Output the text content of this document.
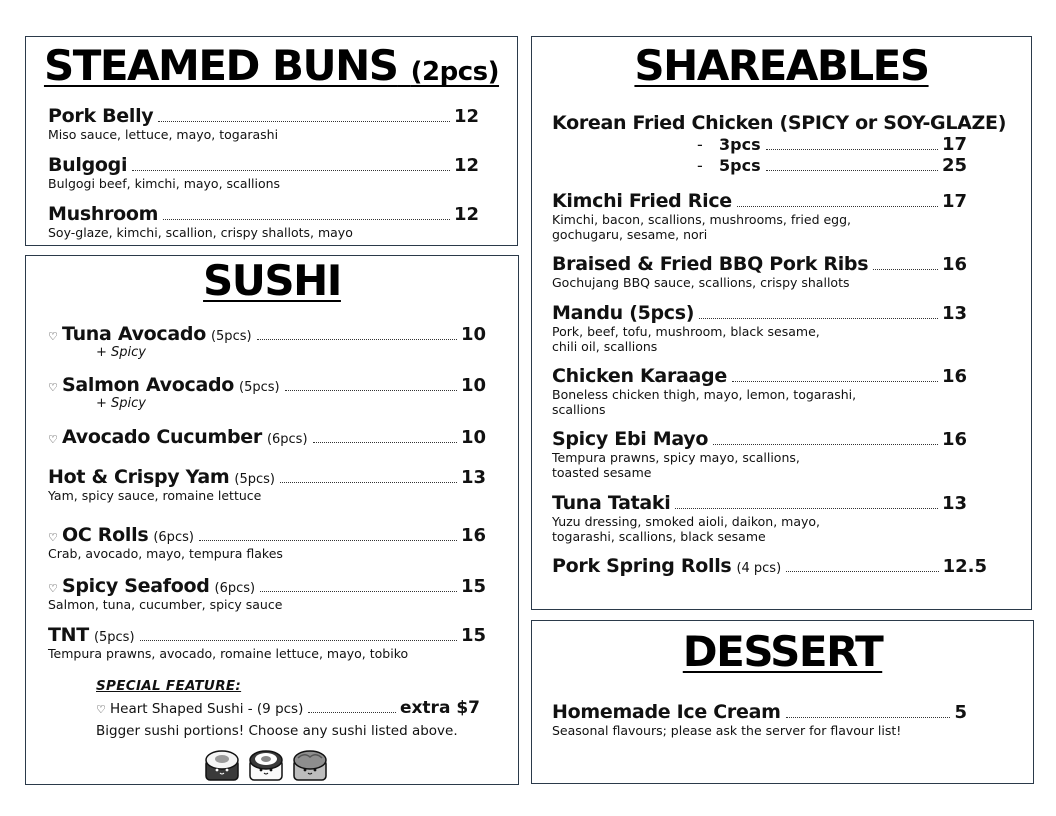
STEAMED BUNS (2pcs)
Pork Belly	12
Miso sauce, lettuce, mayo, togarashi
Bulgogi	12
Bulgogi beef, kimchi, mayo, scallions
Mushroom	12
Soy-glaze, kimchi, scallion, crispy shallots, mayo
SUSHI
♡ Tuna Avocado (5pcs)	10
+ Spicy
♡ Salmon Avocado (5pcs)	10
+ Spicy
♡ Avocado Cucumber (6pcs)	10
Hot & Crispy Yam (5pcs)	13
Yam, spicy sauce, romaine lettuce
♡ OC Rolls (6pcs)	16
Crab, avocado, mayo, tempura flakes
♡ Spicy Seafood (6pcs)	15
Salmon, tuna, cucumber, spicy sauce
TNT (5pcs)	15
Tempura prawns, avocado, romaine lettuce, mayo, tobiko
SPECIAL FEATURE:
♡ Heart Shaped Sushi - (9 pcs)	extra $7
Bigger sushi portions! Choose any sushi listed above.
SHAREABLES
Korean Fried Chicken (SPICY or SOY-GLAZE)
-	3pcs	17
-	5pcs	25
Kimchi Fried Rice	17
Kimchi, bacon, scallions, mushrooms, fried egg,
gochugaru, sesame, nori
Braised & Fried BBQ Pork Ribs	16
Gochujang BBQ sauce, scallions, crispy shallots
Mandu (5pcs)	13
Pork, beef, tofu, mushroom, black sesame,
chili oil, scallions
Chicken Karaage	16
Boneless chicken thigh, mayo, lemon, togarashi,
scallions
Spicy Ebi Mayo	16
Tempura prawns, spicy mayo, scallions,
toasted sesame
Tuna Tataki	13
Yuzu dressing, smoked aioli, daikon, mayo,
togarashi, scallions, black sesame
Pork Spring Rolls (4 pcs)	12.5
DESSERT
Homemade Ice Cream	5
Seasonal flavours; please ask the server for flavour list!
